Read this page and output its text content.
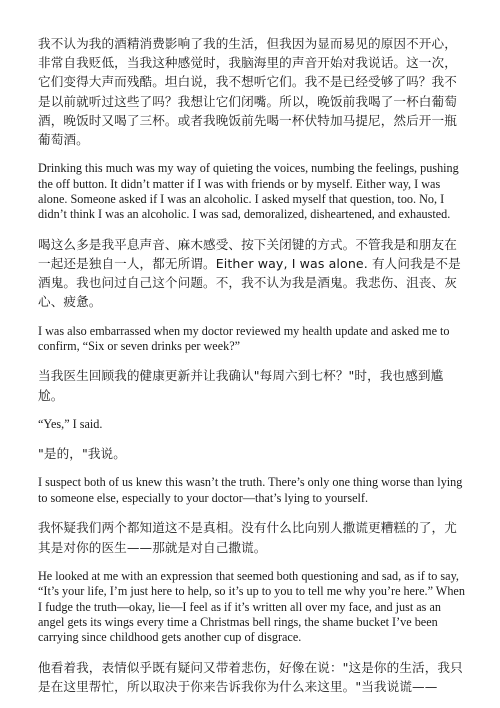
我不认为我的酒精消费影响了我的生活，但我因为显而易见的原因不开心，非常自我贬低，当我这种感觉时，我脑海里的声音开始对我说话。这一次，它们变得大声而残酷。坦白说，我不想听它们。我不是已经受够了吗？我不是以前就听过这些了吗？我想让它们闭嘴。所以，晚饭前我喝了一杯白葡萄酒，晚饭时又喝了三杯。或者我晚饭前先喝一杯伏特加马提尼，然后开一瓶葡萄酒。

Drinking this much was my way of quieting the voices, numbing the feelings, pushing the off button. It didn’t matter if I was with friends or by myself. Either way, I was alone. Someone asked if I was an alcoholic. I asked myself that question, too. No, I didn’t think I was an alcoholic. I was sad, demoralized, disheartened, and exhausted.

喝这么多是我平息声音、麻木感受、按下关闭键的方式。不管我是和朋友在一起还是独自一人，都无所谓。Either way, I was alone. 有人问我是不是酒鬼。我也问过自己这个问题。不，我不认为我是酒鬼。我悲伤、沮丧、灰心、疲惫。

I was also embarrassed when my doctor reviewed my health update and asked me to confirm, “Six or seven drinks per week?”

当我医生回顾我的健康更新并让我确认"每周六到七杯？"时，我也感到尴尬。

“Yes,” I said.

"是的，"我说。

I suspect both of us knew this wasn’t the truth. There’s only one thing worse than lying to someone else, especially to your doctor—that’s lying to yourself.

我怀疑我们两个都知道这不是真相。没有什么比向别人撒谎更糟糕的了，尤其是对你的医生——那就是对自己撒谎。

He looked at me with an expression that seemed both questioning and sad, as if to say, “It’s your life, I’m just here to help, so it’s up to you to tell me why you’re here.” When I fudge the truth—okay, lie—I feel as if it’s written all over my face, and just as an angel gets its wings every time a Christmas bell rings, the shame bucket I’ve been carrying since childhood gets another cup of disgrace.

他看着我，表情似乎既有疑问又带着悲伤，好像在说："这是你的生活，我只是在这里帮忙，所以取决于你来告诉我你为什么来这里。"当我说谎——
